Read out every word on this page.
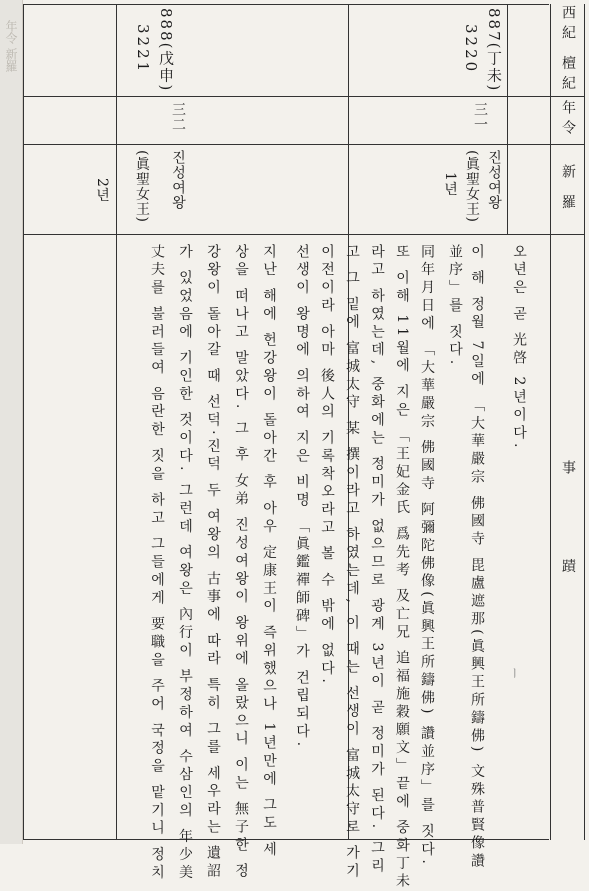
年令 新羅	西紀 檀紀
年令
新 羅
事 蹟
887(丁未)
3220
三一
진성여왕
(眞聖女王)
1년
오년은 곧 光啓 2년이다.
이 해 정월 7일에 「大華嚴宗 佛國寺 毘盧遮那(眞興王所鑄佛) 文殊普賢像讚
並序」를 짓다.
同年月日에 「大華嚴宗 佛國寺 阿彌陀佛像(眞興王所鑄佛) 讚並序」를 짓다.
또 이해 11월에 지은 「王妃金氏 爲先考 及亡兄 追福施穀願文」끝에 중화丁未
라고 하였는데, 중화에는 정미가 없으므로 광계 3년이 곧 정미가 된다. 그리
고 그 밑에 富城太守 某 撰이라고 하였는데, 이 때는 선생이 富城太守로 가기
이전이라 아마 後人의 기록착오라고 볼 수 밖에 없다.
선생이 왕명에 의하여 지은 비명 「眞鑑禪師碑」가 건립되다.	ㅣ
888(戊申)
3221
三二
진성여왕
(眞聖女王)
2년
지난 해에 헌강왕이 돌아간 후 아우 定康王이 즉위했으나 1년만에 그도 세
상을 떠나고 말았다. 그 후 女弟 진성여왕이 왕위에 올랐으니 이는 無子한 정
강왕이 돌아갈 때 선덕·진덕 두 여왕의 古事에 따라 특히 그를 세우라는 遺詔
가 있었음에 기인한 것이다. 그런데 여왕은 內行이 부정하여 수삼인의 年少美
丈夫를 불러들여 음란한 짓을 하고 그들에게 要職을 주어 국정을 맡기니 정치
